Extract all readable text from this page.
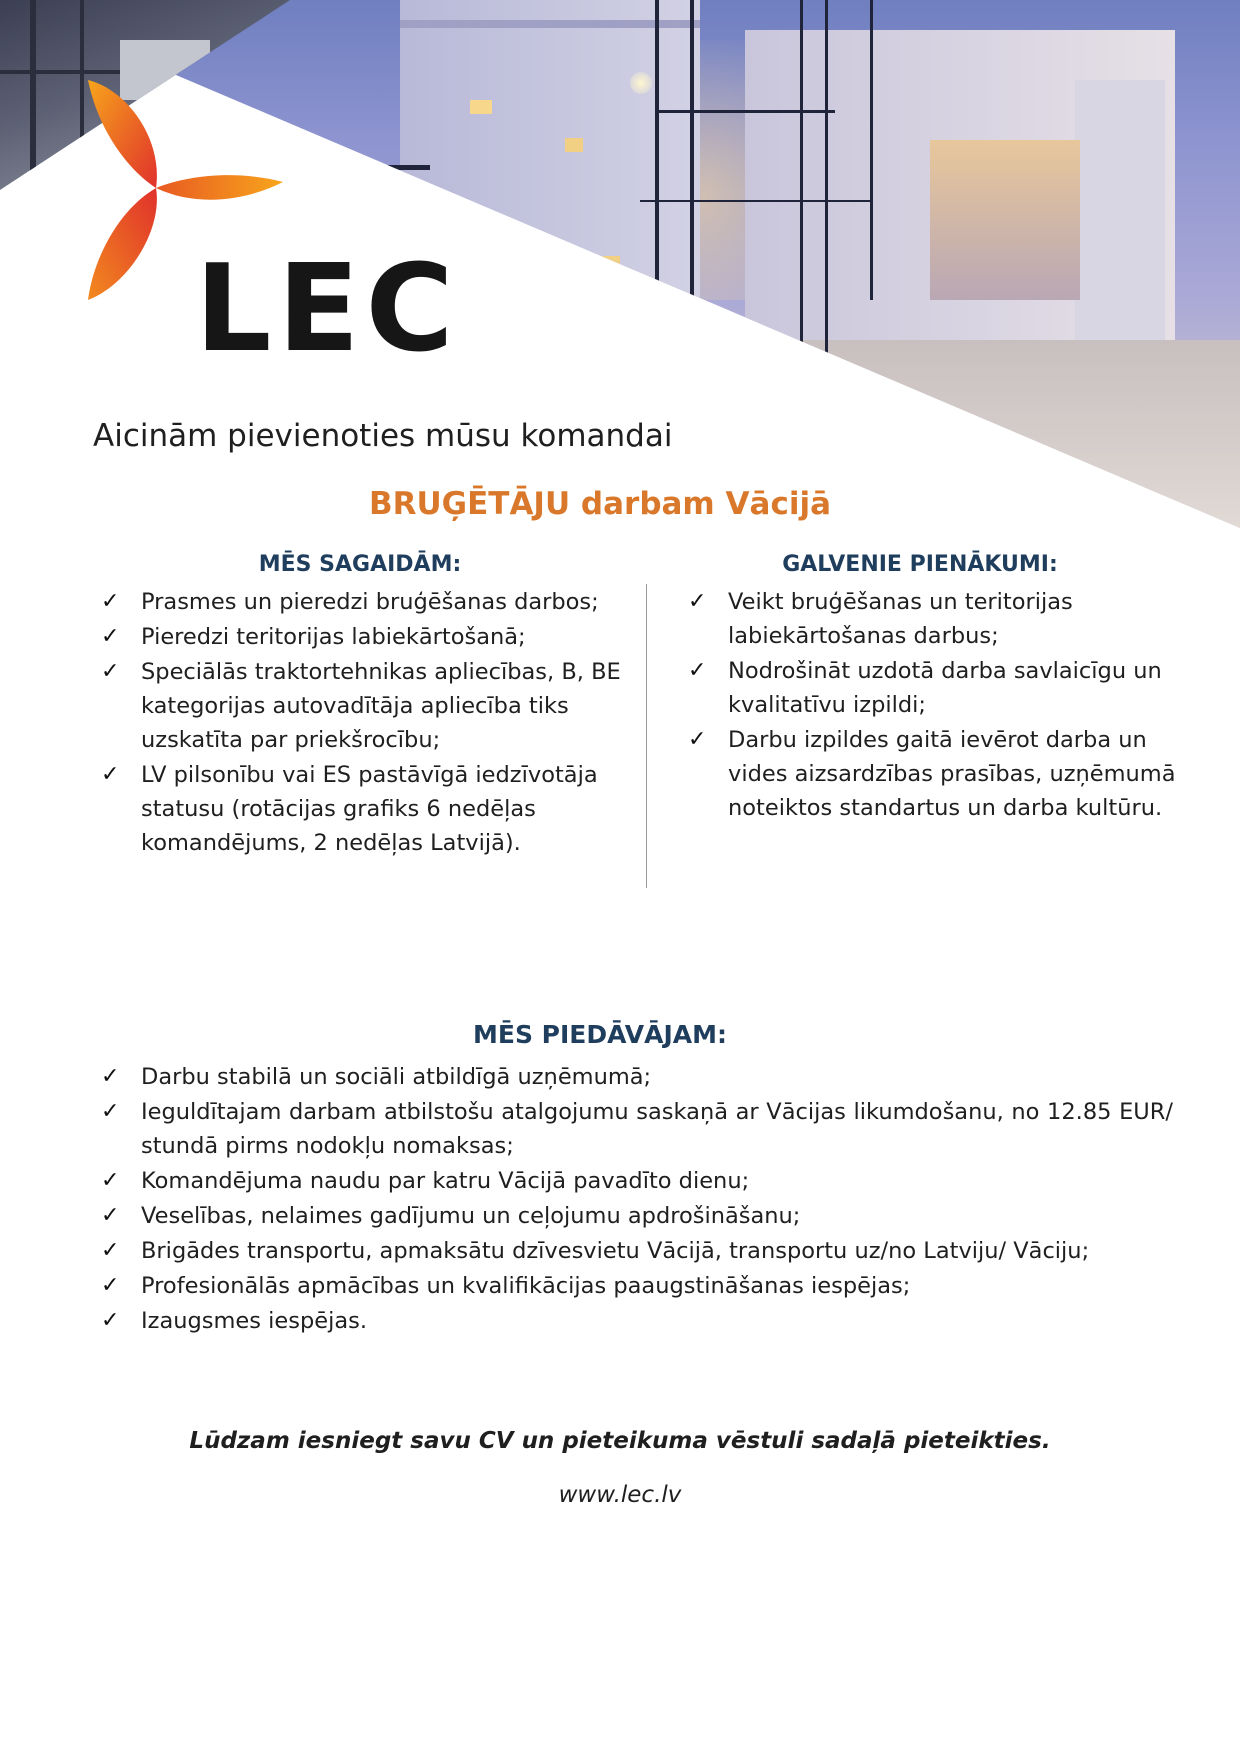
LEC
Aicinām pievienoties mūsu komandai
BRUĢĒTĀJU darbam Vācijā
MĒS SAGAIDĀM:
✓ Prasmes un pieredzi bruģēšanas darbos;
✓ Pieredzi teritorijas labiekārtošanā;
✓ Speciālās traktortehnikas apliecības, B, BE kategorijas autovadītāja apliecība tiks uzskatīta par priekšrocību;
✓ LV pilsonību vai ES pastāvīgā iedzīvotāja statusu (rotācijas grafiks 6 nedēļas komandējums, 2 nedēļas Latvijā).
GALVENIE PIENĀKUMI:
✓ Veikt bruģēšanas un teritorijas labiekārtošanas darbus;
✓ Nodrošināt uzdotā darba savlaicīgu un kvalitatīvu izpildi;
✓ Darbu izpildes gaitā ievērot darba un vides aizsardzības prasības, uzņēmumā noteiktos standartus un darba kultūru.
MĒS PIEDĀVĀJAM:
✓ Darbu stabilā un sociāli atbildīgā uzņēmumā;
✓ Ieguldītajam darbam atbilstošu atalgojumu saskaņā ar Vācijas likumdošanu, no 12.85 EUR/ stundā pirms nodokļu nomaksas;
✓ Komandējuma naudu par katru Vācijā pavadīto dienu;
✓ Veselības, nelaimes gadījumu un ceļojumu apdrošināšanu;
✓ Brigādes transportu, apmaksātu dzīvesvietu Vācijā, transportu uz/no Latviju/ Vāciju;
✓ Profesionālās apmācības un kvalifikācijas paaugstināšanas iespējas;
✓ Izaugsmes iespējas.
Lūdzam iesniegt savu CV un pieteikuma vēstuli sadaļā pieteikties.
www.lec.lv
